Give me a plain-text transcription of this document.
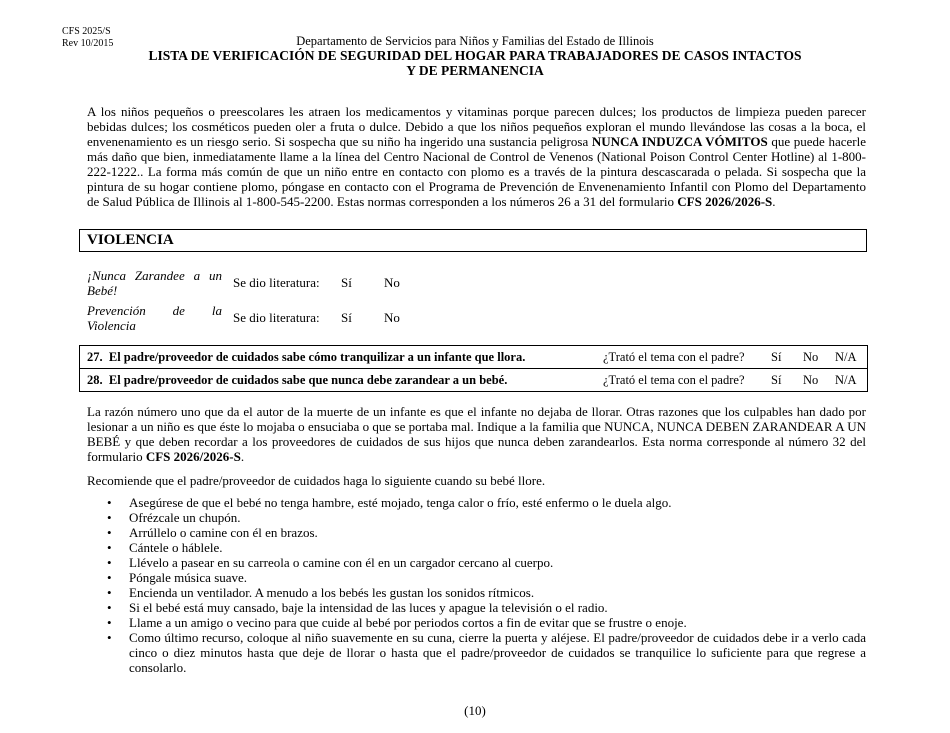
CFS 2025/S
Rev 10/2015	Departamento de Servicios para Niños y Familias del Estado de Illinois
LISTA DE VERIFICACIÓN DE SEGURIDAD DEL HOGAR PARA TRABAJADORES DE CASOS INTACTOS
Y DE PERMANENCIA

A los niños pequeños o preescolares les atraen los medicamentos y vitaminas porque parecen dulces; los productos de limpieza pueden parecer bebidas dulces; los cosméticos pueden oler a fruta o dulce. Debido a que los niños pequeños exploran el mundo llevándose las cosas a la boca, el envenenamiento es un riesgo serio. Si sospecha que su niño ha ingerido una sustancia peligrosa NUNCA INDUZCA VÓMITOS que puede hacerle más daño que bien, inmediatamente llame a la línea del Centro Nacional de Control de Venenos (National Poison Control Center Hotline) al 1-800-222-1222.. La forma más común de que un niño entre en contacto con plomo es a través de la pintura descascarada o pelada. Si sospecha que la pintura de su hogar contiene plomo, póngase en contacto con el Programa de Prevención de Envenenamiento Infantil con Plomo del Departamento de Salud Pública de Illinois al 1-800-545-2200. Estas normas corresponden a los números 26 a 31 del formulario CFS 2026/2026-S.

VIOLENCIA
¡Nunca Zarandee a un Bebé!
Se dio literatura: Sí No
Prevención de la Violencia
Se dio literatura: Sí No
27. El padre/proveedor de cuidados sabe cómo tranquilizar a un infante que llora.	¿Trató el tema con el padre?	Sí	No	N/A
28. El padre/proveedor de cuidados sabe que nunca debe zarandear a un bebé.	¿Trató el tema con el padre?	Sí	No	N/A

La razón número uno que da el autor de la muerte de un infante es que el infante no dejaba de llorar. Otras razones que los culpables han dado por lesionar a un niño es que éste lo mojaba o ensuciaba o que se portaba mal. Indique a la familia que NUNCA, NUNCA DEBEN ZARANDEAR A UN BEBÉ y que deben recordar a los proveedores de cuidados de sus hijos que nunca deben zarandearlos. Esta norma corresponde al número 32 del formulario CFS 2026/2026-S.

Recomiende que el padre/proveedor de cuidados haga lo siguiente cuando su bebé llore.

• Asegúrese de que el bebé no tenga hambre, esté mojado, tenga calor o frío, esté enfermo o le duela algo.
• Ofrézcale un chupón.
• Arrúllelo o camine con él en brazos.
• Cántele o háblele.
• Llévelo a pasear en su carreola o camine con él en un cargador cercano al cuerpo.
• Póngale música suave.
• Encienda un ventilador. A menudo a los bebés les gustan los sonidos rítmicos.
• Si el bebé está muy cansado, baje la intensidad de las luces y apague la televisión o el radio.
• Llame a un amigo o vecino para que cuide al bebé por periodos cortos a fin de evitar que se frustre o enoje.
• Como último recurso, coloque al niño suavemente en su cuna, cierre la puerta y aléjese. El padre/proveedor de cuidados debe ir a verlo cada cinco o diez minutos hasta que deje de llorar o hasta que el padre/proveedor de cuidados se tranquilice lo suficiente para que regrese a consolarlo.
(10)
